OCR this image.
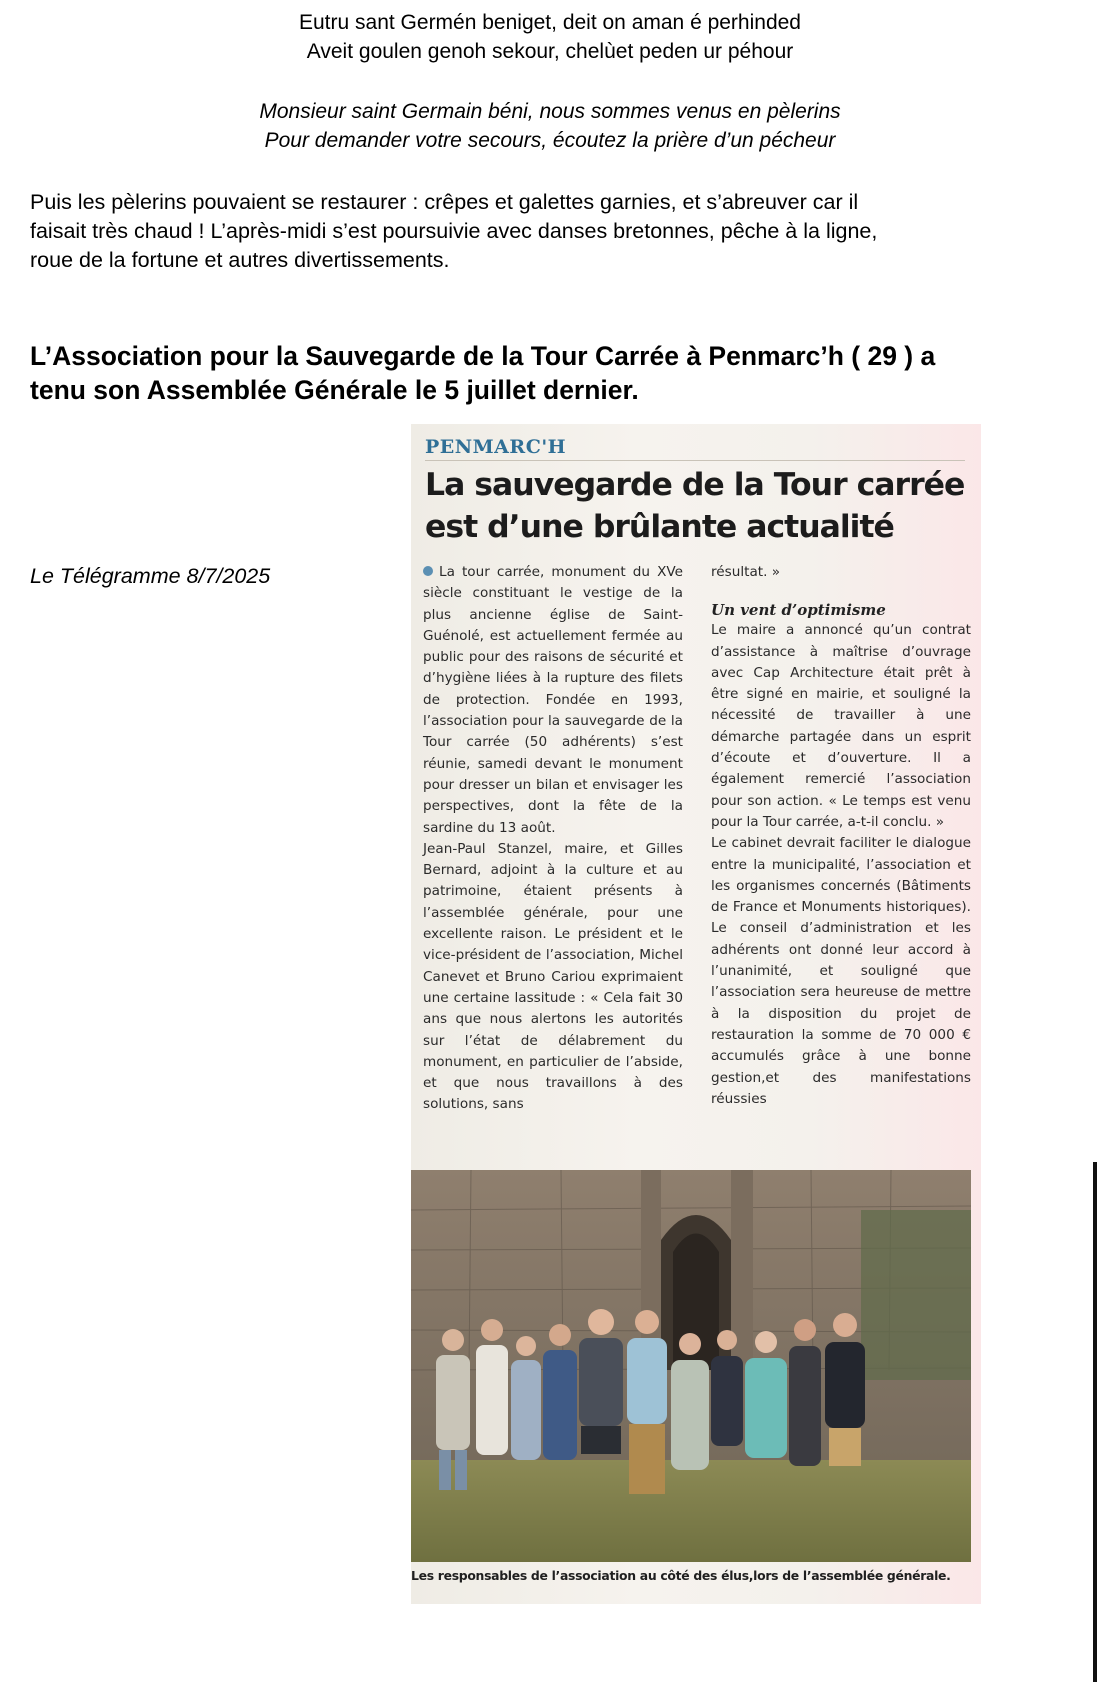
Eutru sant Germén beniget, deit on aman é perhinded
Aveit goulen genoh sekour, chelùet peden ur péhour
Monsieur saint Germain béni, nous sommes venus en pèlerins
Pour demander votre secours, écoutez la prière d’un pécheur
Puis les pèlerins pouvaient se restaurer : crêpes et galettes garnies, et s’abreuver car il
faisait très chaud ! L’après-midi s’est poursuivie avec danses bretonnes, pêche à la ligne,
roue de la fortune et autres divertissements.
L’Association pour la Sauvegarde de la Tour Carrée à Penmarc’h ( 29 ) a
tenu son Assemblée Générale le 5 juillet dernier.
Le Télégramme 8/7/2025
PENMARC'H
La sauvegarde de la Tour carrée
est d’une brûlante actualité

La tour carrée, monument du XVe siècle constituant le vestige de la plus ancienne église de Saint-Guénolé, est actuellement fermée au public pour des raisons de sécurité et d’hygiène liées à la rupture des filets de protection. Fondée en 1993, l’association pour la sauvegarde de la Tour carrée (50 adhérents) s’est réunie, samedi devant le monument pour dresser un bilan et envisager les perspectives, dont la fête de la sardine du 13 août.

Jean-Paul Stanzel, maire, et Gilles Bernard, adjoint à la culture et au patrimoine, étaient présents à l’assemblée générale, pour une excellente raison. Le président et le vice-président de l’association, Michel Canevet et Bruno Cariou exprimaient une certaine lassitude : « Cela fait 30 ans que nous alertons les autorités sur l’état de délabrement du monument, en particulier de l’abside, et que nous travaillons à des solutions, sans

résultat. »

Un vent d’optimisme

Le maire a annoncé qu’un contrat d’assistance à maîtrise d’ouvrage avec Cap Architecture était prêt à être signé en mairie, et souligné la nécessité de travailler à une démarche partagée dans un esprit d’écoute et d’ouverture. Il a également remercié l’association pour son action. « Le temps est venu pour la Tour carrée, a-t-il conclu. »

Le cabinet devrait faciliter le dialogue entre la municipalité, l’association et les organismes concernés (Bâtiments de France et Monuments historiques). Le conseil d’administration et les adhérents ont donné leur accord à l’unanimité, et souligné que l’association sera heureuse de mettre à la disposition du projet de restauration la somme de 70 000 € accumulés grâce à une bonne gestion,et des manifestations réussies

Les responsables de l’association au côté des élus,lors de l’assemblée générale.
